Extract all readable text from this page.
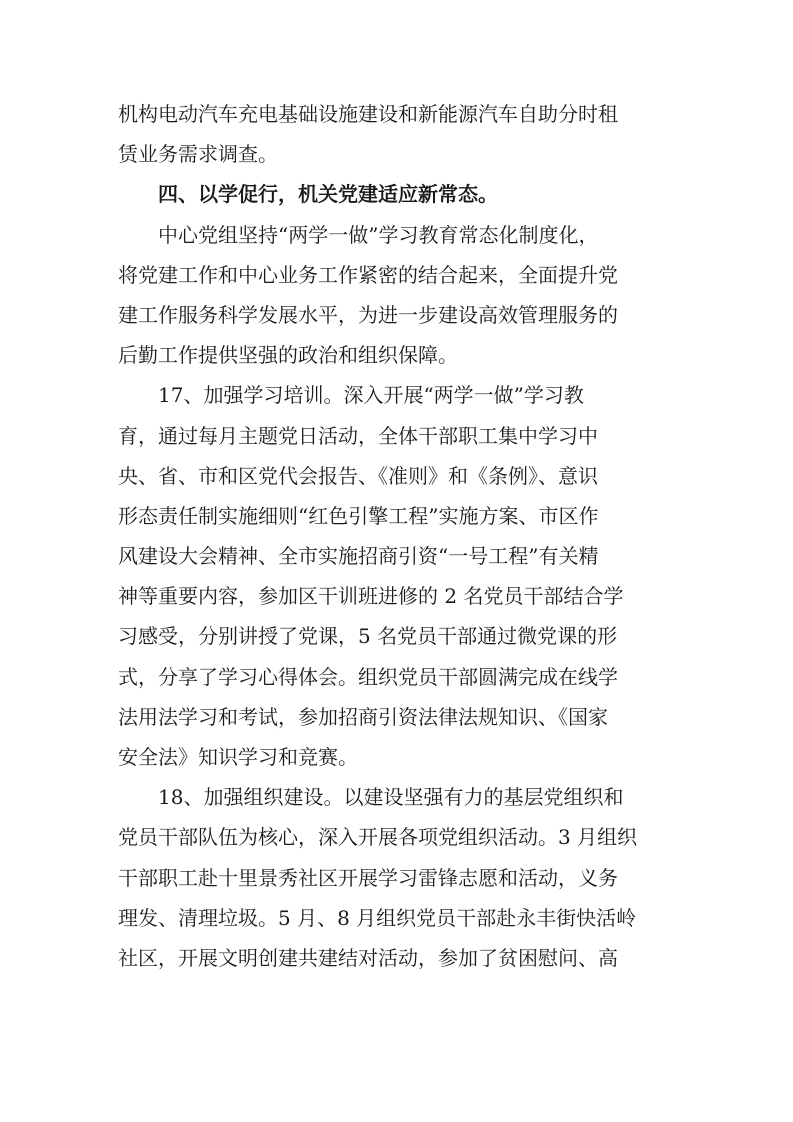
机构电动汽车充电基础设施建设和新能源汽车自助分时租
赁业务需求调查。
四、以学促行，机关党建适应新常态。
中心党组坚持“两学一做”学习教育常态化制度化，
将党建工作和中心业务工作紧密的结合起来，全面提升党
建工作服务科学发展水平，为进一步建设高效管理服务的
后勤工作提供坚强的政治和组织保障。
17、加强学习培训。深入开展“两学一做”学习教
育，通过每月主题党日活动，全体干部职工集中学习中
央、省、市和区党代会报告、《准则》和《条例》、意识
形态责任制实施细则“红色引擎工程”实施方案、市区作
风建设大会精神、全市实施招商引资“一号工程”有关精
神等重要内容，参加区干训班进修的 2 名党员干部结合学
习感受，分别讲授了党课，5 名党员干部通过微党课的形
式，分享了学习心得体会。组织党员干部圆满完成在线学
法用法学习和考试，参加招商引资法律法规知识、《国家
安全法》知识学习和竞赛。
18、加强组织建设。以建设坚强有力的基层党组织和
党员干部队伍为核心，深入开展各项党组织活动。3 月组织
干部职工赴十里景秀社区开展学习雷锋志愿和活动，义务
理发、清理垃圾。5 月、8 月组织党员干部赴永丰街快活岭
社区，开展文明创建共建结对活动，参加了贫困慰问、高
